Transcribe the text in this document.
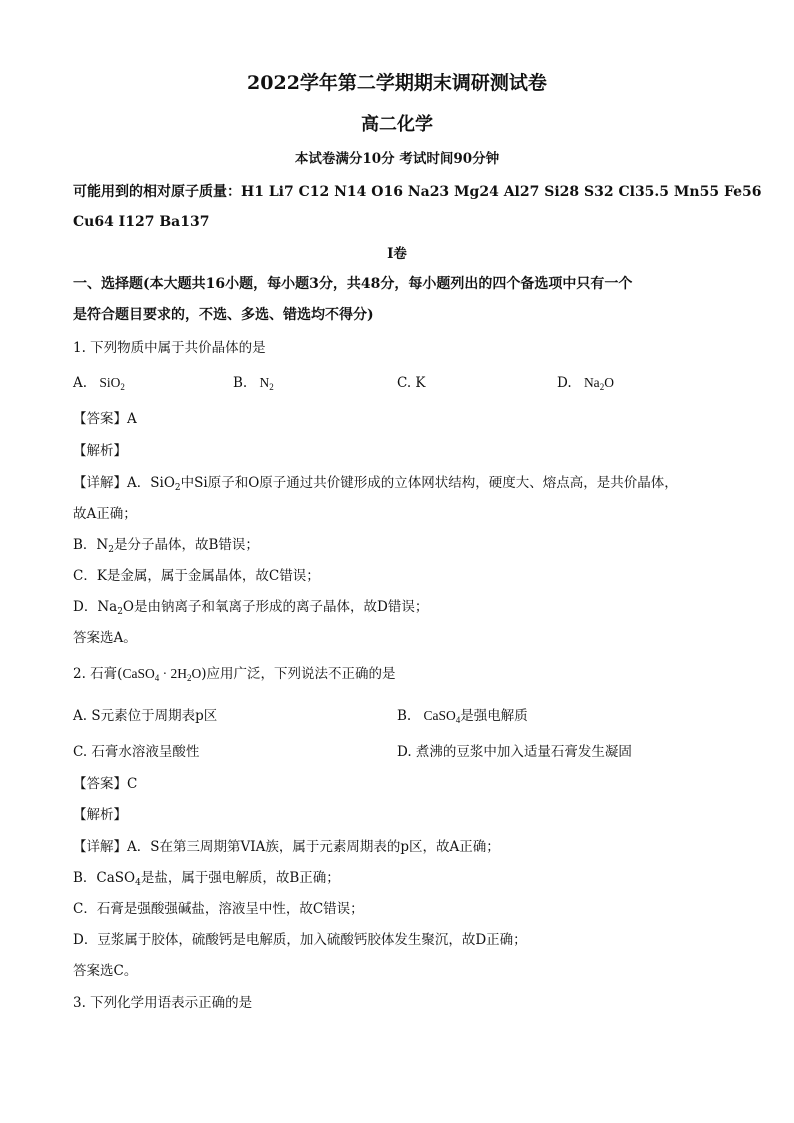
2022学年第二学期期末调研测试卷
高二化学
本试卷满分10分 考试时间90分钟
可能用到的相对原子质量：H1 Li7 C12 N14 O16 Na23 Mg24 Al27 Si28 S32 Cl35.5 Mn55 Fe56
Cu64 I127 Ba137
I卷
一、选择题(本大题共16小题，每小题3分，共48分，每小题列出的四个备选项中只有一个
是符合题目要求的，不选、多选、错选均不得分)
1. 下列物质中属于共价晶体的是
A. SiO$_2$	B. $N_2$	C. K	D. $Na_2O$
【答案】A
【解析】
【详解】A．SiO$_2$中Si原子和O原子通过共价键形成的立体网状结构，硬度大、熔点高，是共价晶体，
故A正确；
B．$N_2$是分子晶体，故B错误；
C．K是金属，属于金属晶体，故C错误；
D．$Na_2O$是由钠离子和氧离子形成的离子晶体，故D错误；
答案选A。
2. 石膏(CaSO$_4$ · $2H_2O$)应用广泛，下列说法不正确的是
A. S元素位于周期表p区	B. CaSO$_4$是强电解质
C. 石膏水溶液呈酸性	D. 煮沸的豆浆中加入适量石膏发生凝固
【答案】C
【解析】
【详解】A．S在第三周期第VIA族，属于元素周期表的p区，故A正确；
B．CaSO$_4$是盐，属于强电解质，故B正确；
C．石膏是强酸强碱盐，溶液呈中性，故C错误；
D．豆浆属于胶体，硫酸钙是电解质，加入硫酸钙胶体发生聚沉，故D正确；
答案选C。
3. 下列化学用语表示正确的是
